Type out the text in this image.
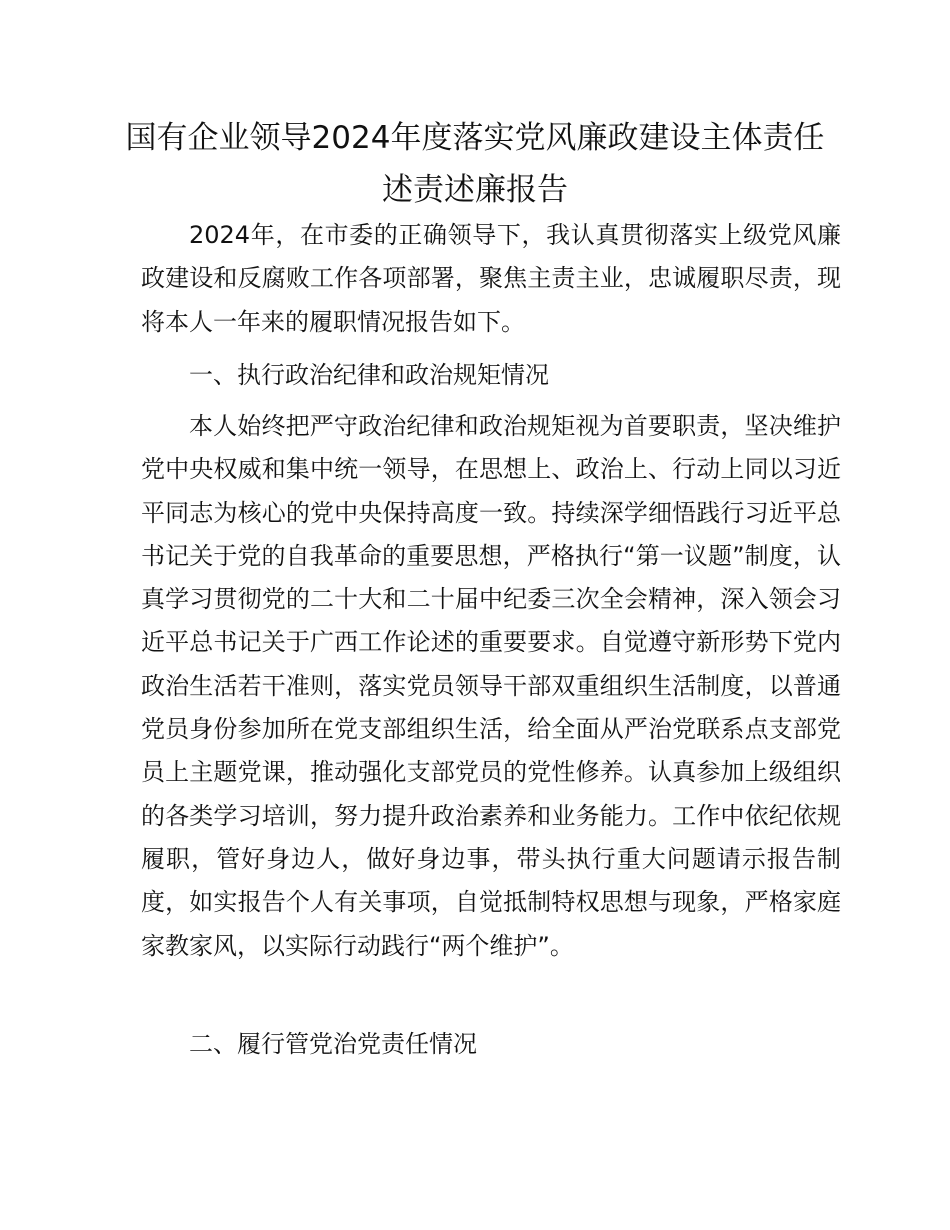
国有企业领导2024年度落实党风廉政建设主体责任述责述廉报告

2024年，在市委的正确领导下，我认真贯彻落实上级党风廉政建设和反腐败工作各项部署，聚焦主责主业，忠诚履职尽责，现将本人一年来的履职情况报告如下。

一、执行政治纪律和政治规矩情况

本人始终把严守政治纪律和政治规矩视为首要职责，坚决维护党中央权威和集中统一领导，在思想上、政治上、行动上同以习近平同志为核心的党中央保持高度一致。持续深学细悟践行习近平总书记关于党的自我革命的重要思想，严格执行“第一议题”制度，认真学习贯彻党的二十大和二十届中纪委三次全会精神，深入领会习近平总书记关于广西工作论述的重要要求。自觉遵守新形势下党内政治生活若干准则，落实党员领导干部双重组织生活制度，以普通党员身份参加所在党支部组织生活，给全面从严治党联系点支部党员上主题党课，推动强化支部党员的党性修养。认真参加上级组织的各类学习培训，努力提升政治素养和业务能力。工作中依纪依规履职，管好身边人，做好身边事，带头执行重大问题请示报告制度，如实报告个人有关事项，自觉抵制特权思想与现象，严格家庭家教家风，以实际行动践行“两个维护”。

二、履行管党治党责任情况
